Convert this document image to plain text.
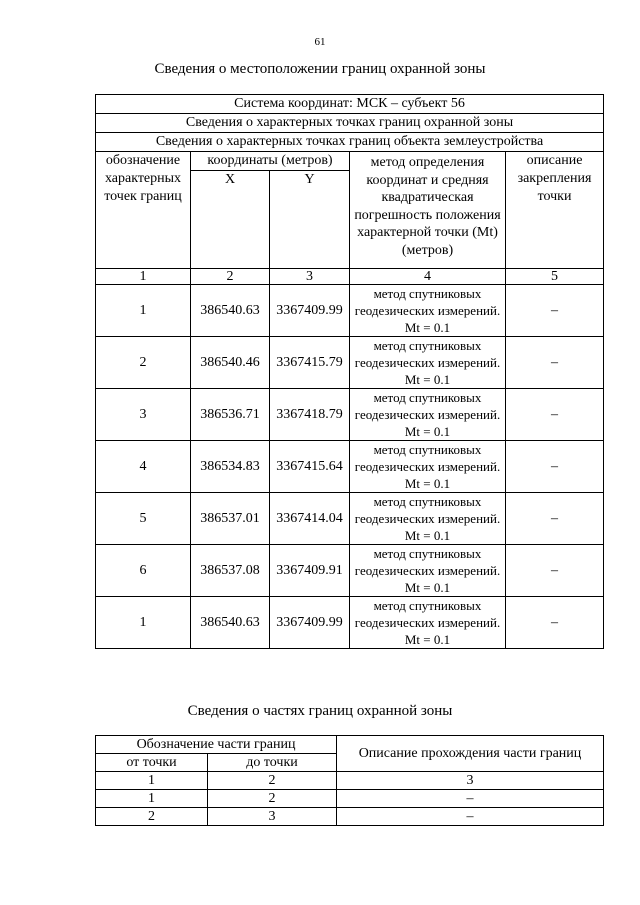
61
Сведения о местоположении границ охранной зоны
Система координат: МСК – субъект 56				
Сведения о характерных точках границ охранной зоны				
Сведения о характерных точках границ объекта землеустройства				
обозначение характерных точек границ	координаты (метров)		метод определения координат и средняя квадратическая погрешность положения характерной точки (Mt) (метров)	описание закрепления точки
	X	Y		
1	2	3	4	5
1	386540.63	3367409.99	метод спутниковых геодезических измерений. Mt = 0.1	–
2	386540.46	3367415.79	метод спутниковых геодезических измерений. Mt = 0.1	–
3	386536.71	3367418.79	метод спутниковых геодезических измерений. Mt = 0.1	–
4	386534.83	3367415.64	метод спутниковых геодезических измерений. Mt = 0.1	–
5	386537.01	3367414.04	метод спутниковых геодезических измерений. Mt = 0.1	–
6	386537.08	3367409.91	метод спутниковых геодезических измерений. Mt = 0.1	–
1	386540.63	3367409.99	метод спутниковых геодезических измерений. Mt = 0.1	–
Сведения о частях границ охранной зоны
Обозначение части границ		Описание прохождения части границ
от точки	до точки	
1	2	3
1	2	–
2	3	–
